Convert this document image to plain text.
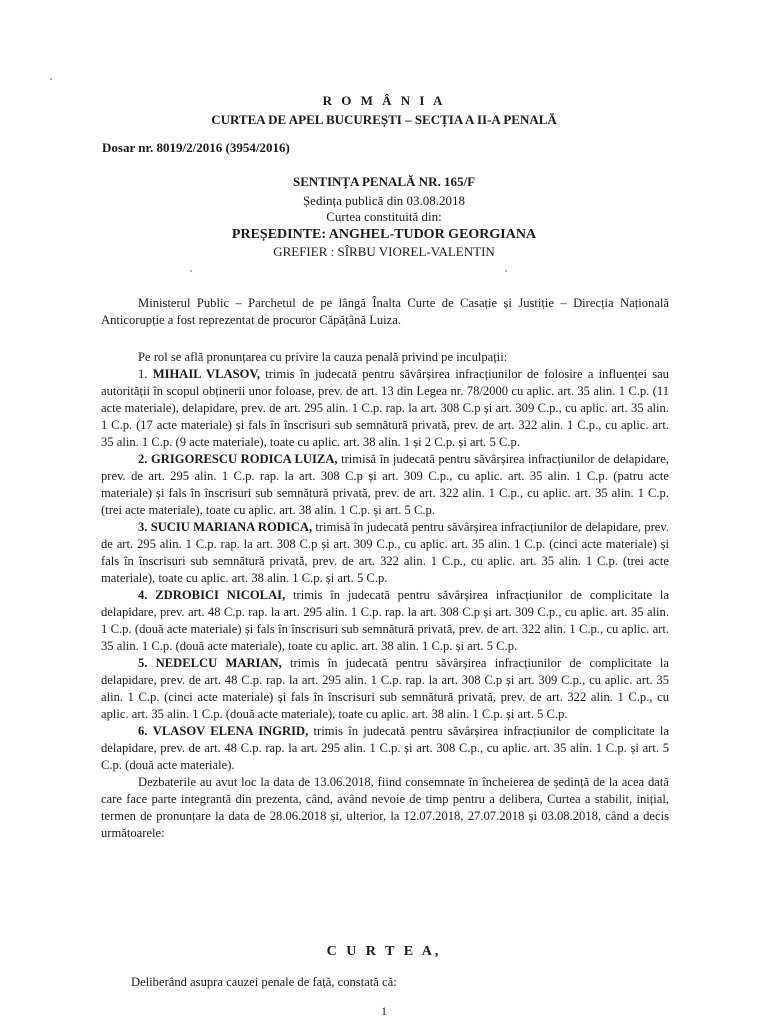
R O M Â N I A
CURTEA DE APEL BUCUREȘTI – SECȚIA A II-A PENALĂ
Dosar nr. 8019/2/2016 (3954/2016)
SENTINȚA PENALĂ NR. 165/F
Ședința publică din 03.08.2018
Curtea constituită din:
PREȘEDINTE: ANGHEL-TUDOR GEORGIANA
GREFIER : SÎRBU VIOREL-VALENTIN
Ministerul Public – Parchetul de pe lângă Înalta Curte de Casație și Justiție – Direcția Națională Anticorupție a fost reprezentat de procuror Căpățână Luiza.
Pe rol se află pronunțarea cu privire la cauza penală privind pe inculpații:
1. MIHAIL VLASOV, trimis în judecată pentru săvârșirea infracțiunilor de folosire a influenței sau autorității în scopul obținerii unor foloase, prev. de art. 13 din Legea nr. 78/2000 cu aplic. art. 35 alin. 1 C.p. (11 acte materiale), delapidare, prev. de art. 295 alin. 1 C.p. rap. la art. 308 C.p și art. 309 C.p., cu aplic. art. 35 alin. 1 C.p. (17 acte materiale) și fals în înscrisuri sub semnătură privată, prev. de art. 322 alin. 1 C.p., cu aplic. art. 35 alin. 1 C.p. (9 acte materiale), toate cu aplic. art. 38 alin. 1 și 2 C.p. și art. 5 C.p.
2. GRIGORESCU RODICA LUIZA, trimisă în judecată pentru săvârșirea infracțiunilor de delapidare, prev. de art. 295 alin. 1 C.p. rap. la art. 308 C.p și art. 309 C.p., cu aplic. art. 35 alin. 1 C.p. (patru acte materiale) și fals în înscrisuri sub semnătură privată, prev. de art. 322 alin. 1 C.p., cu aplic. art. 35 alin. 1 C.p. (trei acte materiale), toate cu aplic. art. 38 alin. 1 C.p. și art. 5 C.p.
3. SUCIU MARIANA RODICA, trimisă în judecată pentru săvârșirea infracțiunilor de delapidare, prev. de art. 295 alin. 1 C.p. rap. la art. 308 C.p și art. 309 C.p., cu aplic. art. 35 alin. 1 C.p. (cinci acte materiale) și fals în înscrisuri sub semnătură privată, prev. de art. 322 alin. 1 C.p., cu aplic. art. 35 alin. 1 C.p. (trei acte materiale), toate cu aplic. art. 38 alin. 1 C.p. și art. 5 C.p.
4. ZDROBICI NICOLAI, trimis în judecată pentru săvârșirea infracțiunilor de complicitate la delapidare, prev. art. 48 C.p. rap. la art. 295 alin. 1 C.p. rap. la art. 308 C.p și art. 309 C.p., cu aplic. art. 35 alin. 1 C.p. (două acte materiale) și fals în înscrisuri sub semnătură privată, prev. de art. 322 alin. 1 C.p., cu aplic. art. 35 alin. 1 C.p. (două acte materiale), toate cu aplic. art. 38 alin. 1 C.p. și art. 5 C.p.
5. NEDELCU MARIAN, trimis în judecată pentru săvârșirea infracțiunilor de complicitate la delapidare, prev. de art. 48 C.p. rap. la art. 295 alin. 1 C.p. rap. la art. 308 C.p și art. 309 C.p., cu aplic. art. 35 alin. 1 C.p. (cinci acte materiale) și fals în înscrisuri sub semnătură privată, prev. de art. 322 alin. 1 C.p., cu aplic. art. 35 alin. 1 C.p. (două acte materiale), toate cu aplic. art. 38 alin. 1 C.p. și art. 5 C.p.
6. VLASOV ELENA INGRID, trimis în judecată pentru săvârșirea infracțiunilor de complicitate la delapidare, prev. de art. 48 C.p. rap. la art. 295 alin. 1 C.p. și art. 308 C.p., cu aplic. art. 35 alin. 1 C.p. și art. 5 C.p. (două acte materiale).
Dezbaterile au avut loc la data de 13.06.2018, fiind consemnate în încheierea de ședință de la acea dată care face parte integrantă din prezenta, când, având nevoie de timp pentru a delibera, Curtea a stabilit, inițial, termen de pronunțare la data de 28.06.2018 și, ulterior, la 12.07.2018, 27.07.2018 și 03.08.2018, când a decis următoarele:
C U R T E A,
Deliberând asupra cauzei penale de față, constată că:
1
